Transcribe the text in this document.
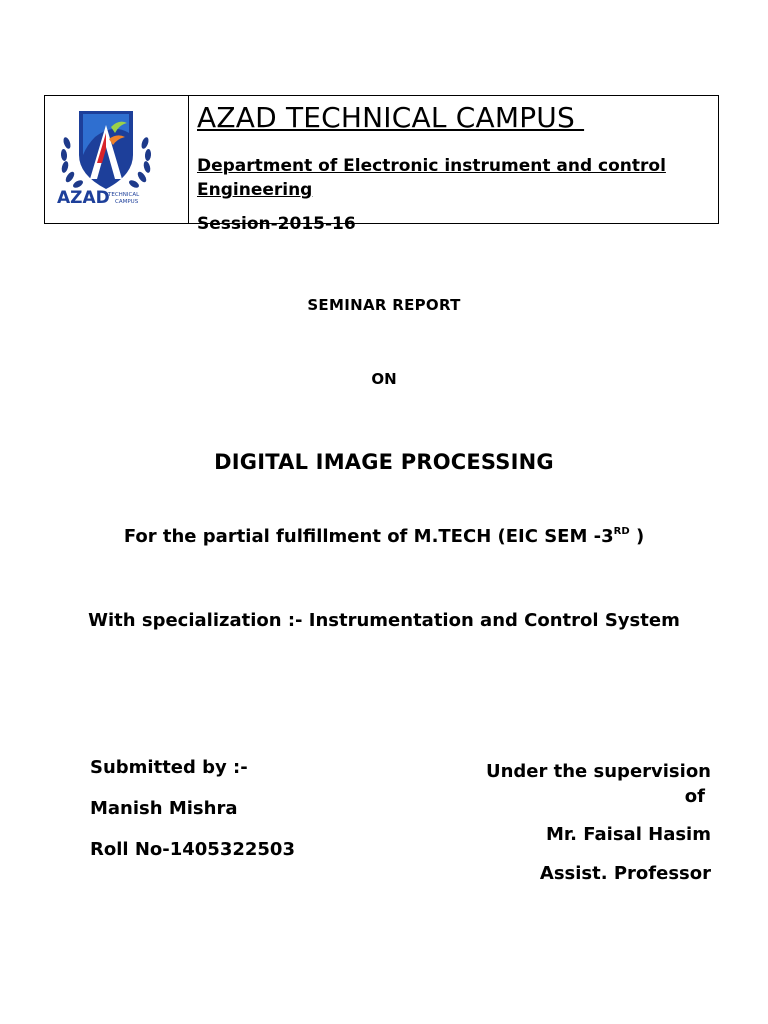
AZAD
TECHNICAL
CAMPUS
AZAD TECHNICAL CAMPUS
Department of Electronic instrument and control Engineering
Session-2015-16
SEMINAR REPORT
ON
DIGITAL IMAGE PROCESSING
For the partial fulfillment of M.TECH (EIC SEM -3RD )
With specialization :- Instrumentation and Control System
Submitted by :-
Manish Mishra
Roll No-1405322503
Under the supervision
of
Mr. Faisal Hasim
Assist. Professor
